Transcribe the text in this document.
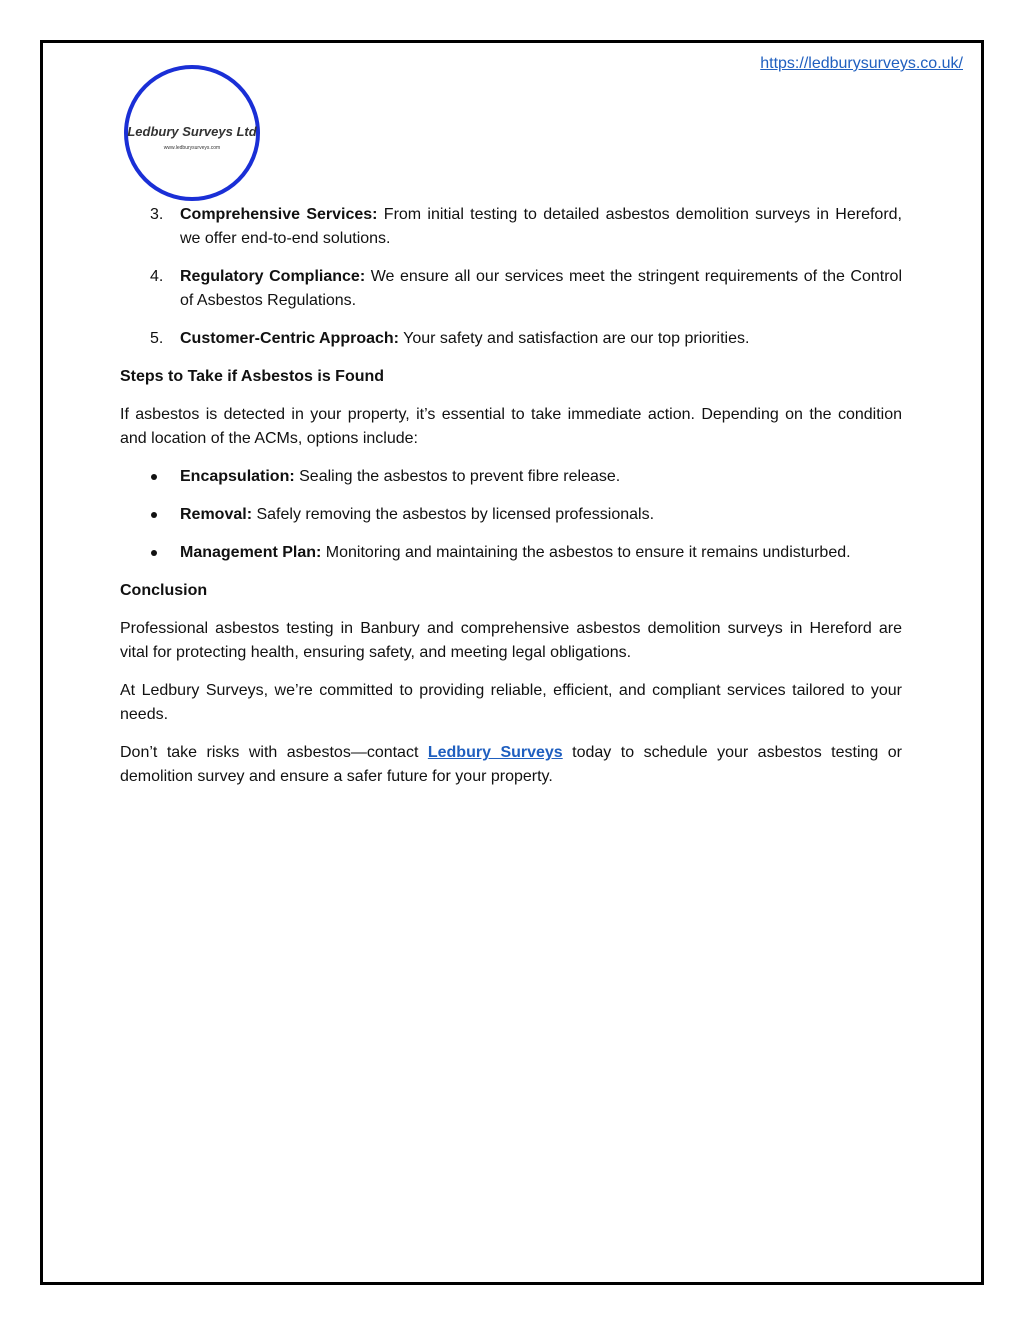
https://ledburysurveys.co.uk/
Ledbury Surveys Ltd
www.ledburysurveys.com
3. Comprehensive Services: From initial testing to detailed asbestos demolition surveys in Hereford, we offer end-to-end solutions.
4. Regulatory Compliance: We ensure all our services meet the stringent requirements of the Control of Asbestos Regulations.
5. Customer-Centric Approach: Your safety and satisfaction are our top priorities.
Steps to Take if Asbestos is Found

If asbestos is detected in your property, it’s essential to take immediate action. Depending on the condition and location of the ACMs, options include:

Encapsulation: Sealing the asbestos to prevent fibre release.
Removal: Safely removing the asbestos by licensed professionals.
Management Plan: Monitoring and maintaining the asbestos to ensure it remains undisturbed.
Conclusion

Professional asbestos testing in Banbury and comprehensive asbestos demolition surveys in Hereford are vital for protecting health, ensuring safety, and meeting legal obligations.

At Ledbury Surveys, we’re committed to providing reliable, efficient, and compliant services tailored to your needs.

Don’t take risks with asbestos—contact Ledbury Surveys today to schedule your asbestos testing or demolition survey and ensure a safer future for your property.
